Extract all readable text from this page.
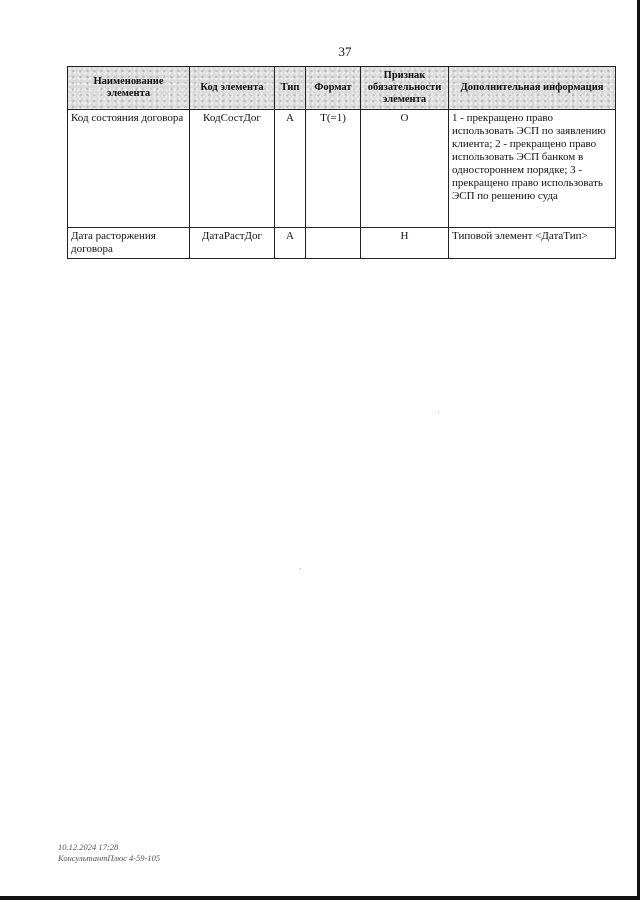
37
Наименование элемента	Код элемента	Тип	Формат	Признак обязательности элемента	Дополнительная информация
Код состояния договора	КодСостДог	А	Т(=1)	О	1 - прекращено право использовать ЭСП по заявлению клиента; 2 - прекращено право использовать ЭСП банком в одностороннем порядке; 3 - прекращено право использовать ЭСП по решению суда
Дата расторжения договора	ДатаРастДог	А		Н	Типовой элемент <ДатаТип>
10.12.2024 17:28
КонсультантПлюс 4-59-105
